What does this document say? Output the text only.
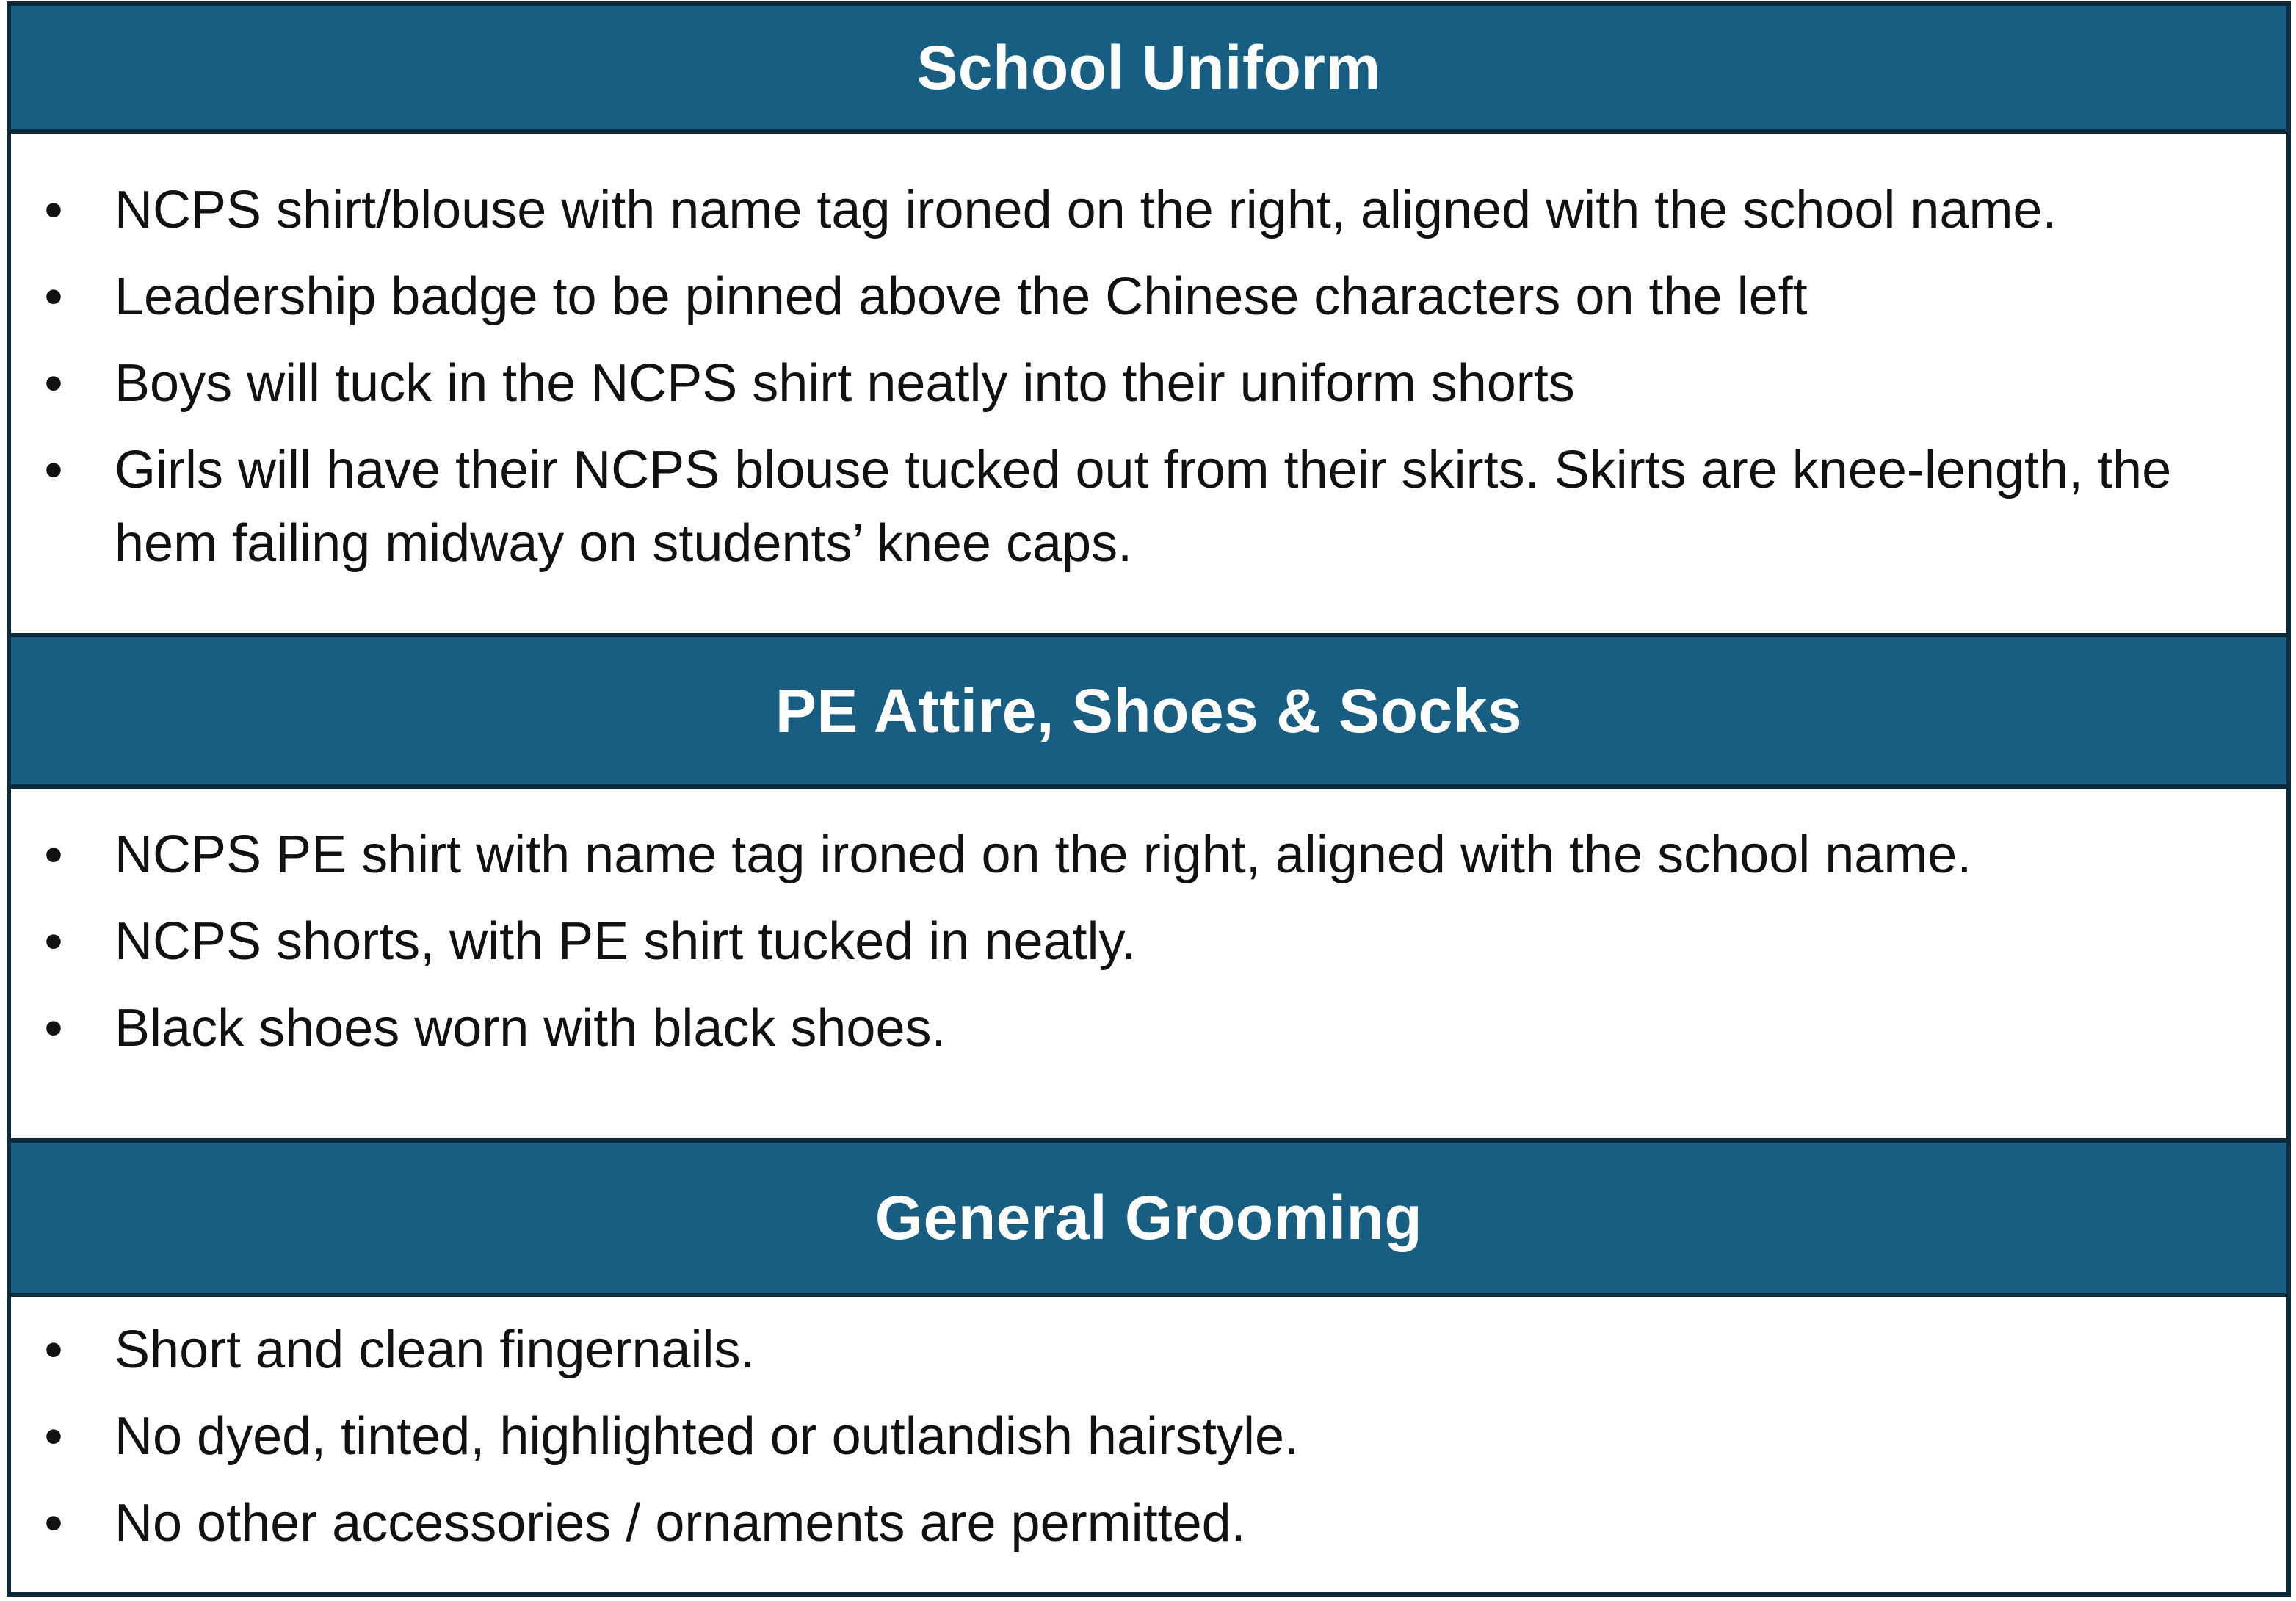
School Uniform
• NCPS shirt/blouse with name tag ironed on the right, aligned with the school name.
• Leadership badge to be pinned above the Chinese characters on the left
• Boys will tuck in the NCPS shirt neatly into their uniform shorts
• Girls will have their NCPS blouse tucked out from their skirts. Skirts are knee-length, the hem failing midway on students’ knee caps.
PE Attire, Shoes & Socks
• NCPS PE shirt with name tag ironed on the right, aligned with the school name.
• NCPS shorts, with PE shirt tucked in neatly.
• Black shoes worn with black shoes.
General Grooming
• Short and clean fingernails.
• No dyed, tinted, highlighted or outlandish hairstyle.
• No other accessories / ornaments are permitted.
